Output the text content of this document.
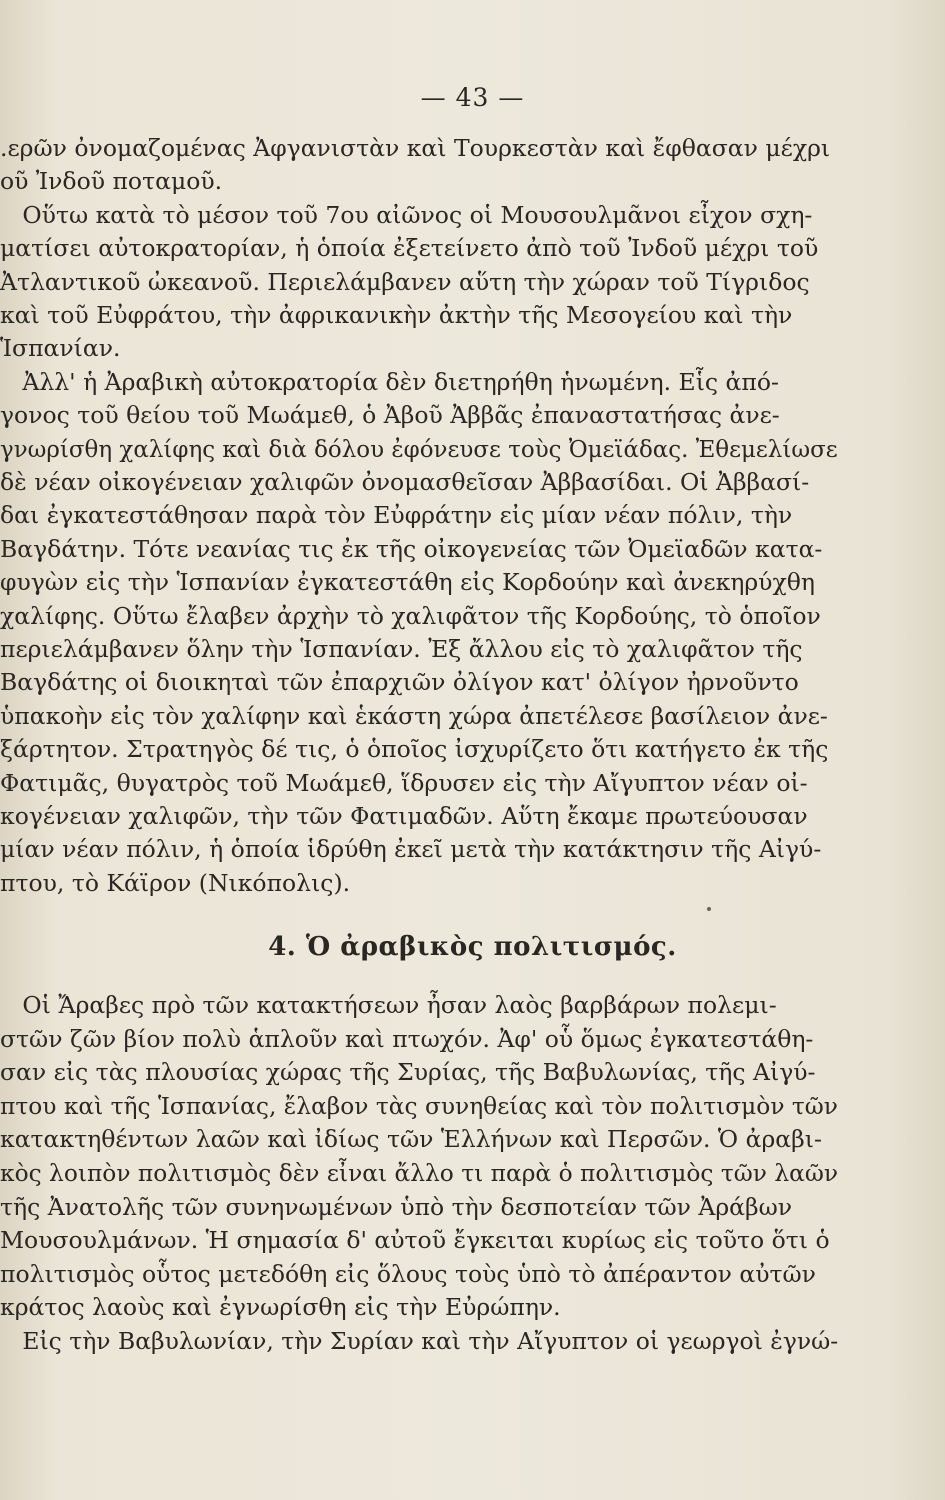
— 43 —
.ερῶν ὀνομαζομένας Ἀφγανιστὰν καὶ Τουρκεστὰν καὶ ἔφθασαν μέχρι
οῦ Ἰνδοῦ ποταμοῦ.
Οὕτω κατὰ τὸ μέσον τοῦ 7ου αἰῶνος οἱ Μουσουλμᾶνοι εἶχον σχη-
ματίσει αὐτοκρατορίαν, ἡ ὁποία ἐξετείνετο ἀπὸ τοῦ Ἰνδοῦ μέχρι τοῦ
Ἀτλαντικοῦ ὠκεανοῦ. Περιελάμβανεν αὕτη τὴν χώραν τοῦ Τίγριδος
καὶ τοῦ Εὐφράτου, τὴν ἀφρικανικὴν ἀκτὴν τῆς Μεσογείου καὶ τὴν
Ἱσπανίαν.
Ἀλλ' ἡ Ἀραβικὴ αὐτοκρατορία δὲν διετηρήθη ἡνωμένη. Εἷς ἀπό-
γονος τοῦ θείου τοῦ Μωάμεθ, ὁ Ἀβοῦ Ἀββᾶς ἐπαναστατήσας ἀνε-
γνωρίσθη χαλίφης καὶ διὰ δόλου ἐφόνευσε τοὺς Ὀμεϊάδας. Ἐθεμελίωσε
δὲ νέαν οἰκογένειαν χαλιφῶν ὀνομασθεῖσαν Ἀββασίδαι. Οἱ Ἀββασί-
δαι ἐγκατεστάθησαν παρὰ τὸν Εὐφράτην εἰς μίαν νέαν πόλιν, τὴν
Βαγδάτην. Τότε νεανίας τις ἐκ τῆς οἰκογενείας τῶν Ὀμεϊαδῶν κατα-
φυγὼν εἰς τὴν Ἱσπανίαν ἐγκατεστάθη εἰς Κορδούην καὶ ἀνεκηρύχθη
χαλίφης. Οὕτω ἔλαβεν ἀρχὴν τὸ χαλιφᾶτον τῆς Κορδούης, τὸ ὁποῖον
περιελάμβανεν ὅλην τὴν Ἱσπανίαν. Ἐξ ἄλλου εἰς τὸ χαλιφᾶτον τῆς
Βαγδάτης οἱ διοικηταὶ τῶν ἐπαρχιῶν ὀλίγον κατ' ὀλίγον ἠρνοῦντο
ὑπακοὴν εἰς τὸν χαλίφην καὶ ἑκάστη χώρα ἀπετέλεσε βασίλειον ἀνε-
ξάρτητον. Στρατηγὸς δέ τις, ὁ ὁποῖος ἰσχυρίζετο ὅτι κατήγετο ἐκ τῆς
Φατιμᾶς, θυγατρὸς τοῦ Μωάμεθ, ἵδρυσεν εἰς τὴν Αἴγυπτον νέαν οἰ-
κογένειαν χαλιφῶν, τὴν τῶν Φατιμαδῶν. Αὕτη ἔκαμε πρωτεύουσαν
μίαν νέαν πόλιν, ἡ ὁποία ἱδρύθη ἐκεῖ μετὰ τὴν κατάκτησιν τῆς Αἰγύ-
πτου, τὸ Κάϊρον (Νικόπολις).
4. Ὁ ἀραβικὸς πολιτισμός.
Οἱ Ἄραβες πρὸ τῶν κατακτήσεων ἦσαν λαὸς βαρβάρων πολεμι-
στῶν ζῶν βίον πολὺ ἁπλοῦν καὶ πτωχόν. Ἀφ' οὗ ὅμως ἐγκατεστάθη-
σαν εἰς τὰς πλουσίας χώρας τῆς Συρίας, τῆς Βαβυλωνίας, τῆς Αἰγύ-
πτου καὶ τῆς Ἱσπανίας, ἔλαβον τὰς συνηθείας καὶ τὸν πολιτισμὸν τῶν
κατακτηθέντων λαῶν καὶ ἰδίως τῶν Ἑλλήνων καὶ Περσῶν. Ὁ ἀραβι-
κὸς λοιπὸν πολιτισμὸς δὲν εἶναι ἄλλο τι παρὰ ὁ πολιτισμὸς τῶν λαῶν
τῆς Ἀνατολῆς τῶν συνηνωμένων ὑπὸ τὴν δεσποτείαν τῶν Ἀράβων
Μουσουλμάνων. Ἡ σημασία δ' αὐτοῦ ἔγκειται κυρίως εἰς τοῦτο ὅτι ὁ
πολιτισμὸς οὗτος μετεδόθη εἰς ὅλους τοὺς ὑπὸ τὸ ἀπέραντον αὐτῶν
κράτος λαοὺς καὶ ἐγνωρίσθη εἰς τὴν Εὐρώπην.
Εἰς τὴν Βαβυλωνίαν, τὴν Συρίαν καὶ τὴν Αἴγυπτον οἱ γεωργοὶ ἐγνώ-
